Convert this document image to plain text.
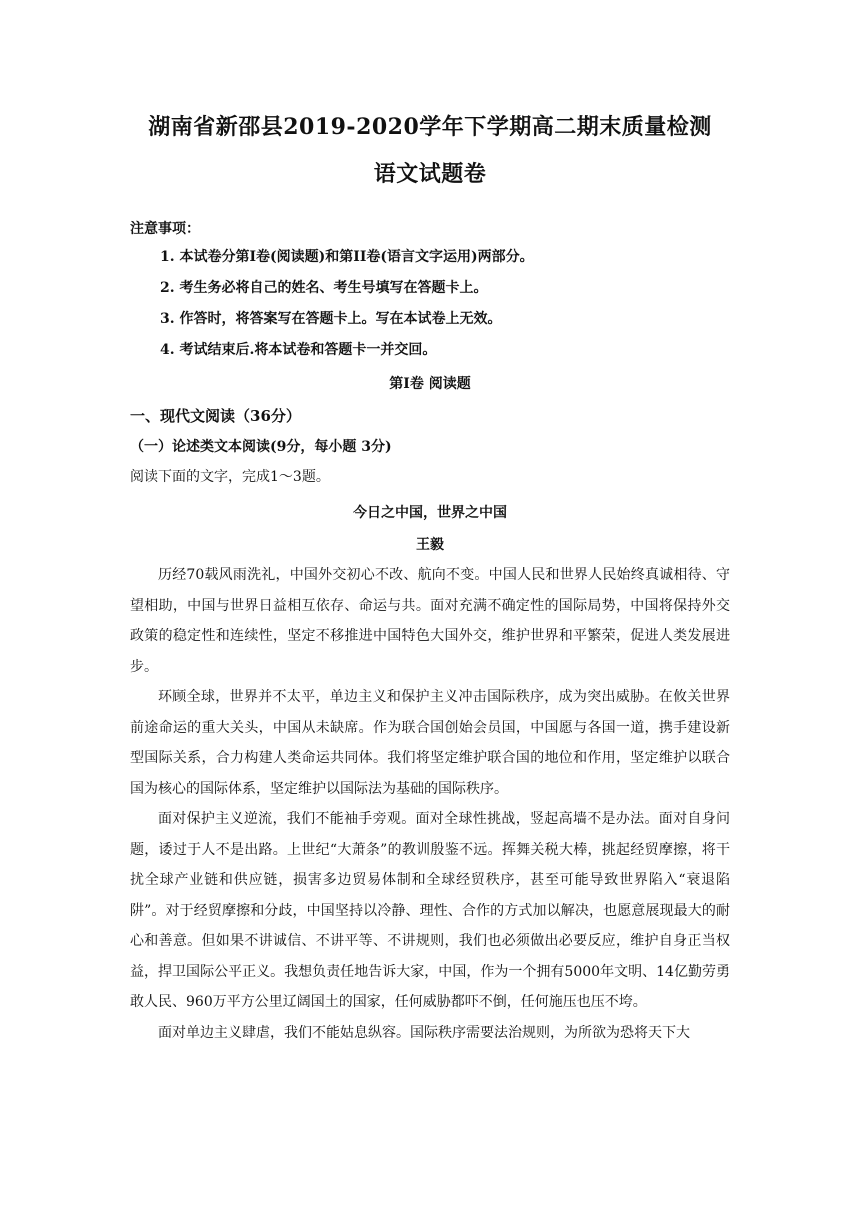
湖南省新邵县2019-2020学年下学期高二期末质量检测
语文试题卷
注意事项：
1. 本试卷分第Ⅰ卷(阅读题)和第II卷(语言文字运用)两部分。
2. 考生务必将自己的姓名、考生号填写在答题卡上。
3. 作答时，将答案写在答题卡上。写在本试卷上无效。
4. 考试结束后.将本试卷和答题卡一并交回。
第Ⅰ卷 阅读题
一、现代文阅读（36分）
（一）论述类文本阅读(9分，每小题 3分)
阅读下面的文字，完成1～3题。
今日之中国，世界之中国
王毅

历经70载风雨洗礼，中国外交初心不改、航向不变。中国人民和世界人民始终真诚相待、守望相助，中国与世界日益相互依存、命运与共。面对充满不确定性的国际局势，中国将保持外交政策的稳定性和连续性，坚定不移推进中国特色大国外交，维护世界和平繁荣，促进人类发展进步。

环顾全球，世界并不太平，单边主义和保护主义冲击国际秩序，成为突出威胁。在攸关世界前途命运的重大关头，中国从未缺席。作为联合国创始会员国，中国愿与各国一道，携手建设新型国际关系，合力构建人类命运共同体。我们将坚定维护联合国的地位和作用，坚定维护以联合国为核心的国际体系，坚定维护以国际法为基础的国际秩序。

面对保护主义逆流，我们不能袖手旁观。面对全球性挑战，竖起高墙不是办法。面对自身问题，诿过于人不是出路。上世纪“大萧条”的教训殷鉴不远。挥舞关税大棒，挑起经贸摩擦，将干扰全球产业链和供应链，损害多边贸易体制和全球经贸秩序，甚至可能导致世界陷入“衰退陷阱”。对于经贸摩擦和分歧，中国坚持以冷静、理性、合作的方式加以解决，也愿意展现最大的耐心和善意。但如果不讲诚信、不讲平等、不讲规则，我们也必须做出必要反应，维护自身正当权益，捍卫国际公平正义。我想负责任地告诉大家，中国，作为一个拥有5000年文明、14亿勤劳勇敢人民、960万平方公里辽阔国土的国家，任何威胁都吓不倒，任何施压也压不垮。

面对单边主义肆虐，我们不能姑息纵容。国际秩序需要法治规则，为所欲为恐将天下大
